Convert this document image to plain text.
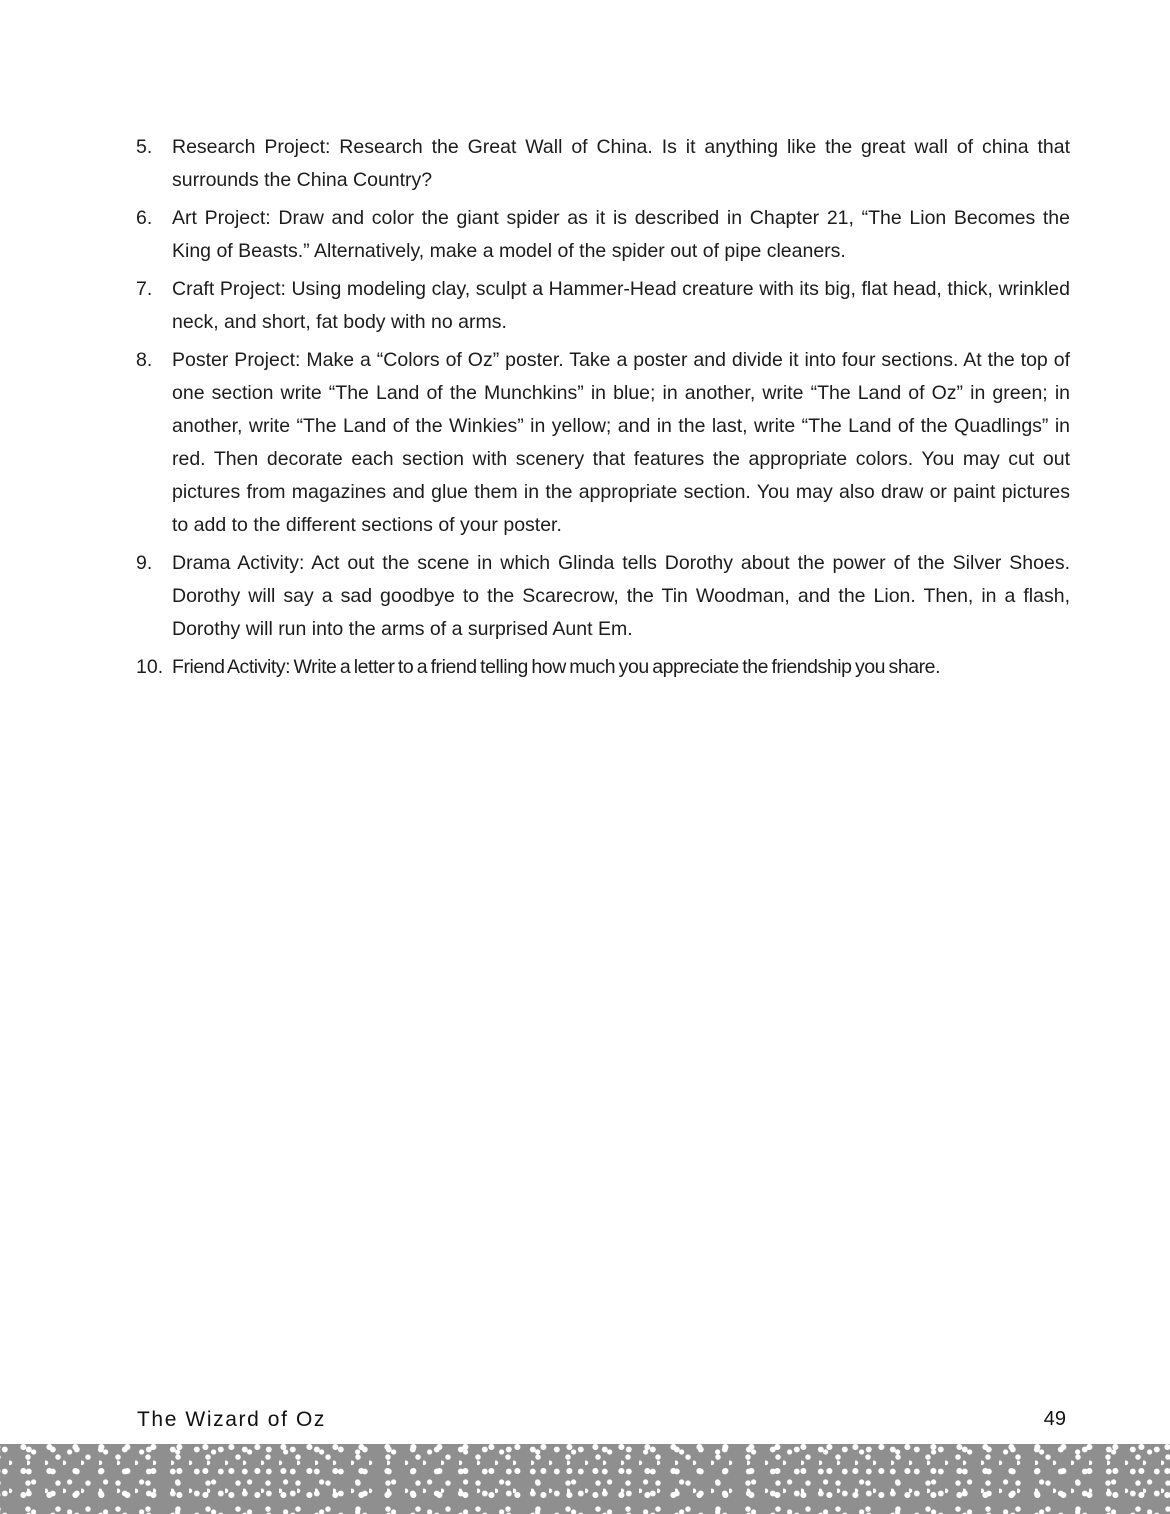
5.	Research Project: Research the Great Wall of China. Is it anything like the great wall of china that surrounds the China Country?
6.	Art Project: Draw and color the giant spider as it is described in Chapter 21, “The Lion Becomes the King of Beasts.” Alternatively, make a model of the spider out of pipe cleaners.
7.	Craft Project: Using modeling clay, sculpt a Hammer-Head creature with its big, flat head, thick, wrinkled neck, and short, fat body with no arms.
8.	Poster Project: Make a “Colors of Oz” poster. Take a poster and divide it into four sections. At the top of one section write “The Land of the Munchkins” in blue; in another, write “The Land of Oz” in green; in another, write “The Land of the Winkies” in yellow; and in the last, write “The Land of the Quadlings” in red. Then decorate each section with scenery that features the appropriate colors. You may cut out pictures from magazines and glue them in the appropriate section. You may also draw or paint pictures to add to the different sections of your poster.
9.	Drama Activity: Act out the scene in which Glinda tells Dorothy about the power of the Silver Shoes. Dorothy will say a sad goodbye to the Scarecrow, the Tin Woodman, and the Lion. Then, in a flash, Dorothy will run into the arms of a surprised Aunt Em.
10. Friend Activity: Write a letter to a friend telling how much you appreciate the friendship you share.
The Wizard of Oz	49
